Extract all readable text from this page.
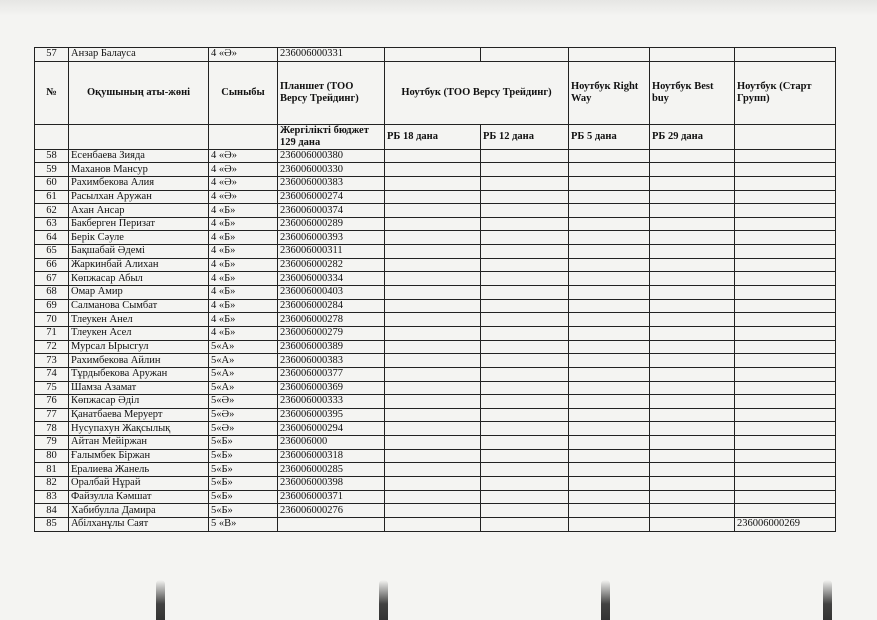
57	Анзар Балауса	4 «Ә»	236006000331					
№	Оқушының аты-жөні	Сыныбы	Планшет (ТОО Версу Трейдинг)	Ноутбук (ТОО Версу Трейдинг)		Ноутбук Right Way	Ноутбук Best buy	Ноутбук (Старт Групп)
			Жергілікті бюджет 129 дана	РБ 18 дана	РБ 12 дана	РБ 5 дана	РБ 29 дана	
58	Есенбаева Зияда	4 «Ә»	236006000380					
59	Маханов Мансур	4 «Ә»	236006000330					
60	Рахимбекова Алия	4 «Ә»	236006000383					
61	Расылхан Аружан	4 «Ә»	236006000274					
62	Ахан Ансар	4 «Б»	236006000374					
63	Бакберген Перизат	4 «Б»	236006000289					
64	Берік Сәуле	4 «Б»	236006000393					
65	Бақшабай Әдемі	4 «Б»	236006000311					
66	Жаркинбай Алихан	4 «Б»	236006000282					
67	Көпжасар Абыл	4 «Б»	236006000334					
68	Омар Амир	4 «Б»	236006000403					
69	Салманова Сымбат	4 «Б»	236006000284					
70	Тлеукен Анел	4 «Б»	236006000278					
71	Тлеукен Асел	4 «Б»	236006000279					
72	Мурсал Ырысгул	5«А»	236006000389					
73	Рахимбекова Айлин	5«А»	236006000383					
74	Тұрдыбекова Аружан	5«А»	236006000377					
75	Шамза Азамат	5«А»	236006000369					
76	Көпжасар Әділ	5«Ә»	236006000333					
77	Қанатбаева Меруерт	5«Ә»	236006000395					
78	Нусупахун Жақсылық	5«Ә»	236006000294					
79	Айтан Мейіржан	5«Б»	236006000					
80	Ғалымбек Біржан	5«Б»	236006000318					
81	Ералиева Жанель	5«Б»	236006000285					
82	Оралбай Нұрай	5«Б»	236006000398					
83	Файзулла Кәмшат	5«Б»	236006000371					
84	Хабибулла Дамира	5«Б»	236006000276					
85	Абілханұлы Саят	5 «В»						236006000269
